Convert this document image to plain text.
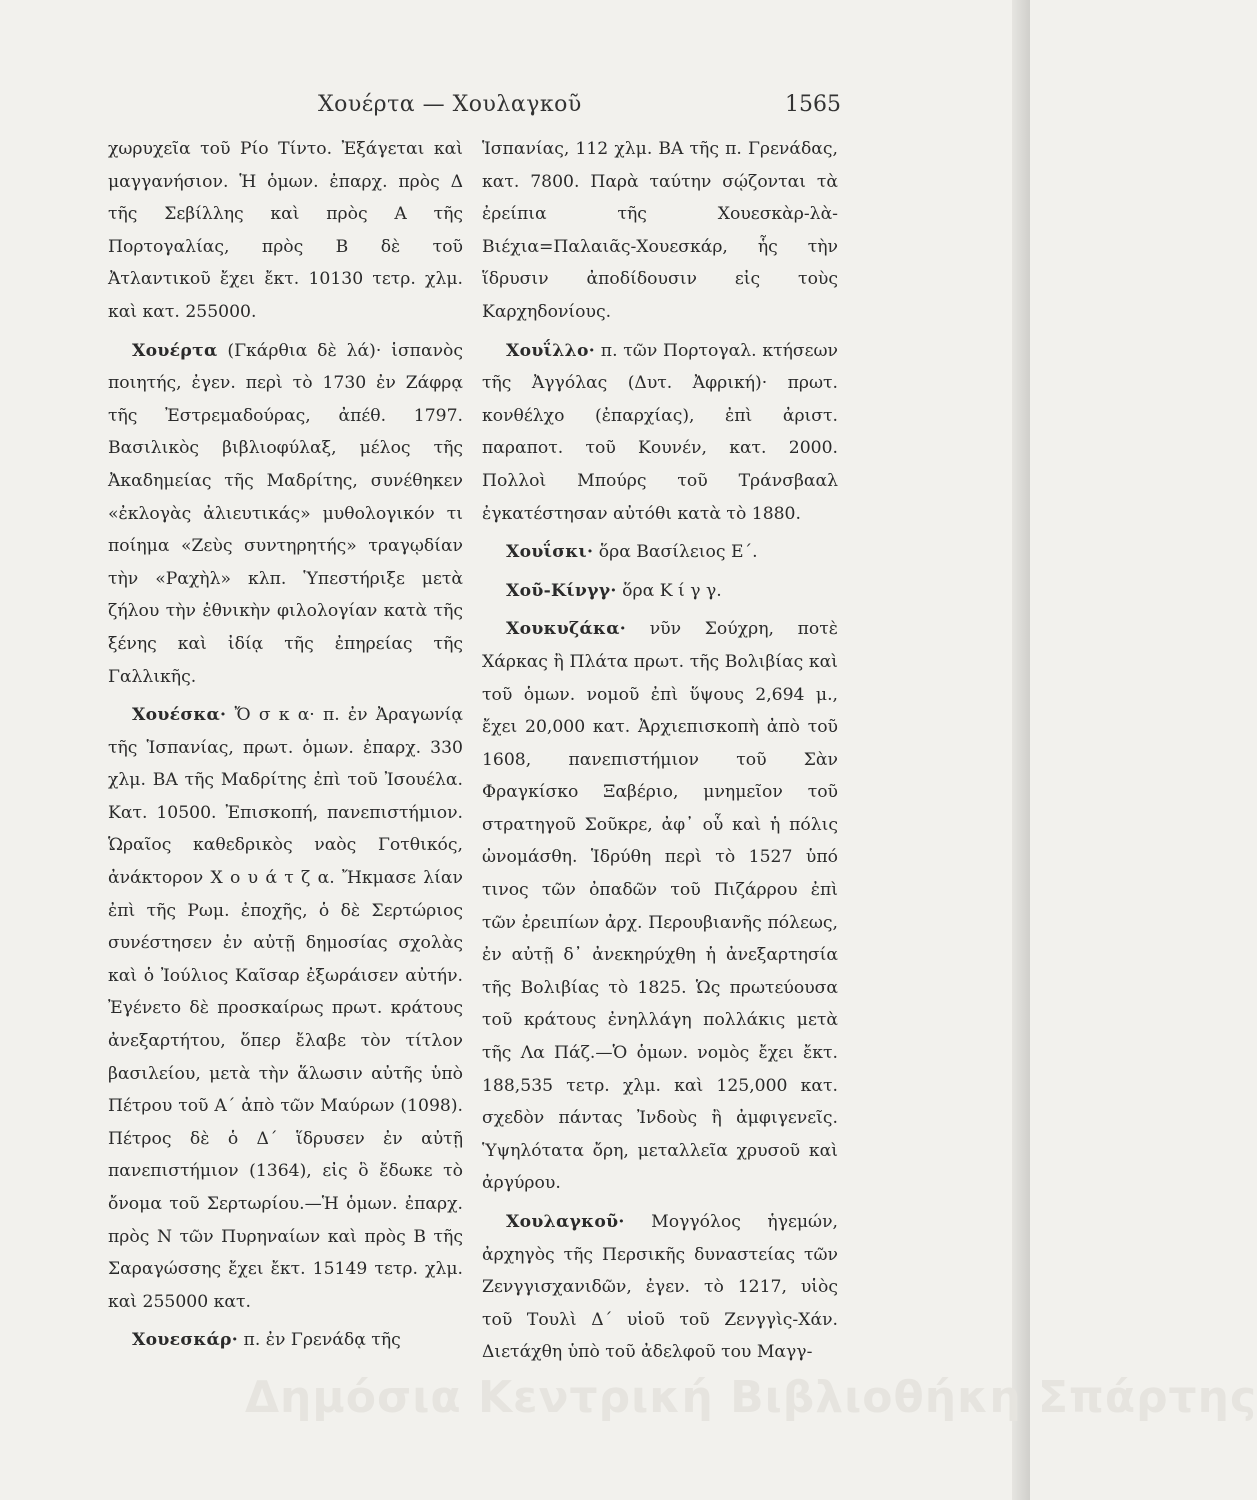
Χουέρτα — Χουλαγκοῦ	1565

χωρυχεῖα τοῦ Ρίο Τίντο. Ἐξάγεται καὶ μαγγανήσιον. Ἡ ὁμων. ἐπαρχ. πρὸς Δ τῆς Σεβίλλης καὶ πρὸς Α τῆς Πορτογαλίας, πρὸς Β δὲ τοῦ Ἀτλαντικοῦ ἔχει ἔκτ. 10130 τετρ. χλμ. καὶ κατ. 255000.

Χουέρτα (Γκάρθια δὲ λά)· ἱσπανὸς ποιητής, ἐγεν. περὶ τὸ 1730 ἐν Ζάφρᾳ τῆς Ἐστρεμαδούρας, ἀπέθ. 1797. Βασιλικὸς βιβλιοφύλαξ, μέλος τῆς Ἀκαδημείας τῆς Μαδρίτης, συνέθηκεν «ἐκλογὰς ἀλιευτικάς» μυθολογικόν τι ποίημα «Ζεὺς συντηρητής» τραγῳδίαν τὴν «Ραχὴλ» κλπ. Ὑπεστήριξε μετὰ ζήλου τὴν ἐθνικὴν φιλολογίαν κατὰ τῆς ξένης καὶ ἰδίᾳ τῆς ἐπηρείας τῆς Γαλλικῆς.

Χουέσκα· Ὄ σ κ α· π. ἐν Ἀραγωνίᾳ τῆς Ἱσπανίας, πρωτ. ὁμων. ἐπαρχ. 330 χλμ. ΒΑ τῆς Μαδρίτης ἐπὶ τοῦ Ἰσουέλα. Κατ. 10500. Ἐπισκοπή, πανεπιστήμιον. Ὡραῖος καθεδρικὸς ναὸς Γοτθικός, ἀνάκτορον Χ ο υ ά τ ζ α. Ἤκμασε λίαν ἐπὶ τῆς Ρωμ. ἐποχῆς, ὁ δὲ Σερτώριος συνέστησεν ἐν αὐτῇ δημοσίας σχολὰς καὶ ὁ Ἰούλιος Καῖσαρ ἐξωράισεν αὐτήν. Ἐγένετο δὲ προσκαίρως πρωτ. κράτους ἀνεξαρτήτου, ὅπερ ἔλαβε τὸν τίτλον βασιλείου, μετὰ τὴν ἅλωσιν αὐτῆς ὑπὸ Πέτρου τοῦ Α΄ ἀπὸ τῶν Μαύρων (1098). Πέτρος δὲ ὁ Δ΄ ἵδρυσεν ἐν αὐτῇ πανεπιστήμιον (1364), εἰς ὃ ἔδωκε τὸ ὄνομα τοῦ Σερτωρίου.—Ἡ ὁμων. ἐπαρχ. πρὸς Ν τῶν Πυρηναίων καὶ πρὸς Β τῆς Σαραγώσσης ἔχει ἔκτ. 15149 τετρ. χλμ. καὶ 255000 κατ.

Χουεσκάρ· π. ἐν Γρενάδᾳ τῆς

Ἱσπανίας, 112 χλμ. ΒΑ τῆς π. Γρενάδας, κατ. 7800. Παρὰ ταύτην σῴζονται τὰ ἐρείπια τῆς Χουεσκὰρ-λὰ-Βιέχια=Παλαιᾶς-Χουεσκάρ, ἧς τὴν ἵδρυσιν ἀποδίδουσιν εἰς τοὺς Καρχηδονίους.

Χουΐλλο· π. τῶν Πορτογαλ. κτήσεων τῆς Ἀγγόλας (Δυτ. Ἀφρική)· πρωτ. κονθέλχο (ἐπαρχίας), ἐπὶ ἀριστ. παραποτ. τοῦ Κουνέν, κατ. 2000. Πολλοὶ Μπούρς τοῦ Τράνσβααλ ἐγκατέστησαν αὐτόθι κατὰ τὸ 1880.

Χουΐσκι· ὅρα Βασίλειος Ε΄.

Χοῦ-Κίνγγ· ὅρα Κ ί γ γ.

Χουκυζάκα· νῦν Σούχρη, ποτὲ Χάρκας ἢ Πλάτα πρωτ. τῆς Βολιβίας καὶ τοῦ ὁμων. νομοῦ ἐπὶ ὕψους 2,694 μ., ἔχει 20,000 κατ. Ἀρχιεπισκοπὴ ἀπὸ τοῦ 1608, πανεπιστήμιον τοῦ Σὰν Φραγκίσκο Ξαβέριο, μνημεῖον τοῦ στρατηγοῦ Σοῦκρε, ἀφ᾽ οὗ καὶ ἡ πόλις ὠνομάσθη. Ἱδρύθη περὶ τὸ 1527 ὑπό τινος τῶν ὀπαδῶν τοῦ Πιζάρρου ἐπὶ τῶν ἐρειπίων ἀρχ. Περουβιανῆς πόλεως, ἐν αὐτῇ δ᾽ ἀνεκηρύχθη ἡ ἀνεξαρτησία τῆς Βολιβίας τὸ 1825. Ὡς πρωτεύουσα τοῦ κράτους ἐνηλλάγη πολλάκις μετὰ τῆς Λα Πάζ.—Ὁ ὁμων. νομὸς ἔχει ἔκτ. 188,535 τετρ. χλμ. καὶ 125,000 κατ. σχεδὸν πάντας Ἰνδοὺς ἢ ἀμφιγενεῖς. Ὑψηλότατα ὄρη, μεταλλεῖα χρυσοῦ καὶ ἀργύρου.

Χουλαγκοῦ· Μογγόλος ἡγεμών, ἀρχηγὸς τῆς Περσικῆς δυναστείας τῶν Ζενγγισχανιδῶν, ἐγεν. τὸ 1217, υἱὸς τοῦ Τουλὶ Δ΄ υἱοῦ τοῦ Ζενγγὶς-Χάν. Διετάχθη ὑπὸ τοῦ ἀδελφοῦ του Μαγγ-

Δημόσια Κεντρική Βιβλιοθήκη Σπάρτης
